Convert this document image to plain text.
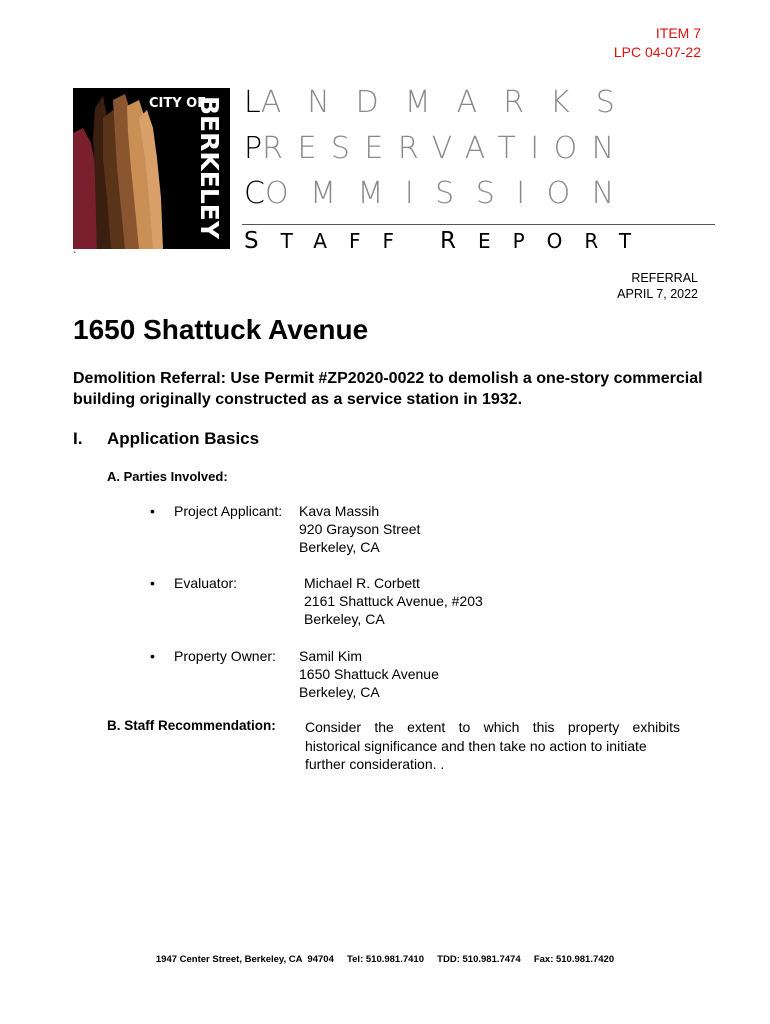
ITEM 7
LPC 04-07-22
CITY OF
BERKELEY LANDMARKS
PRESERVATION
COMMISSION
STAFF REPORT
`
REFERRAL
APRIL 7, 2022
1650 Shattuck Avenue

Demolition Referral: Use Permit #ZP2020-0022 to demolish a one-story commercial building originally constructed as a service station in 1932.

I. Application Basics
A. Parties Involved:
• Project Applicant: Kava Massih
920 Grayson Street
Berkeley, CA
• Evaluator:	Michael R. Corbett
2161 Shattuck Avenue, #203
Berkeley, CA
• Property Owner: Samil Kim
1650 Shattuck Avenue
Berkeley, CA
B. Staff Recommendation: Consider the extent to which this property exhibits
historical significance and then take no action to initiate
further consideration. .
1947 Center Street, Berkeley, CA  94704     Tel: 510.981.7410     TDD: 510.981.7474     Fax: 510.981.7420
